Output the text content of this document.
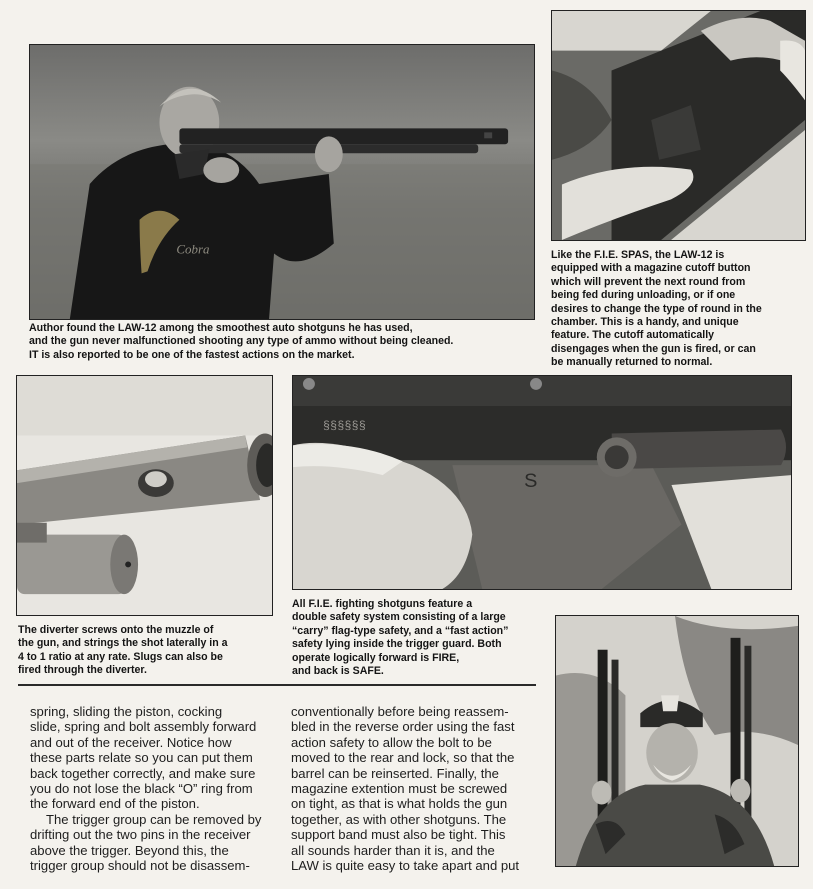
Cobra

Author found the LAW-12 among the smoothest auto shotguns he has used,
and the gun never malfunctioned shooting any type of ammo without being cleaned.
IT is also reported to be one of the fastest actions on the market.

Like the F.I.E. SPAS, the LAW-12 is
equipped with a magazine cutoff button
which will prevent the next round from
being fed during unloading, or if one
desires to change the type of round in the
chamber. This is a handy, and unique
feature. The cutoff automatically
disengages when the gun is fired, or can
be manually returned to normal.

§§§§§§
S

The diverter screws onto the muzzle of
the gun, and strings the shot laterally in a
4 to 1 ratio at any rate. Slugs can also be
fired through the diverter.

All F.I.E. fighting shotguns feature a
double safety system consisting of a large
“carry” flag-type safety, and a “fast action”
safety lying inside the trigger guard. Both
operate logically forward is FIRE,
and back is SAFE.

spring, sliding the piston, cocking
slide, spring and bolt assembly forward
and out of the receiver. Notice how
these parts relate so you can put them
back together correctly, and make sure
you do not lose the black “O” ring from
the forward end of the piston.
The trigger group can be removed by
drifting out the two pins in the receiver
above the trigger. Beyond this, the
trigger group should not be disassem-
conventionally before being reassem-
bled in the reverse order using the fast
action safety to allow the bolt to be
moved to the rear and lock, so that the
barrel can be reinserted. Finally, the
magazine extention must be screwed
on tight, as that is what holds the gun
together, as with other shotguns. The
support band must also be tight. This
all sounds harder than it is, and the
LAW is quite easy to take apart and put
